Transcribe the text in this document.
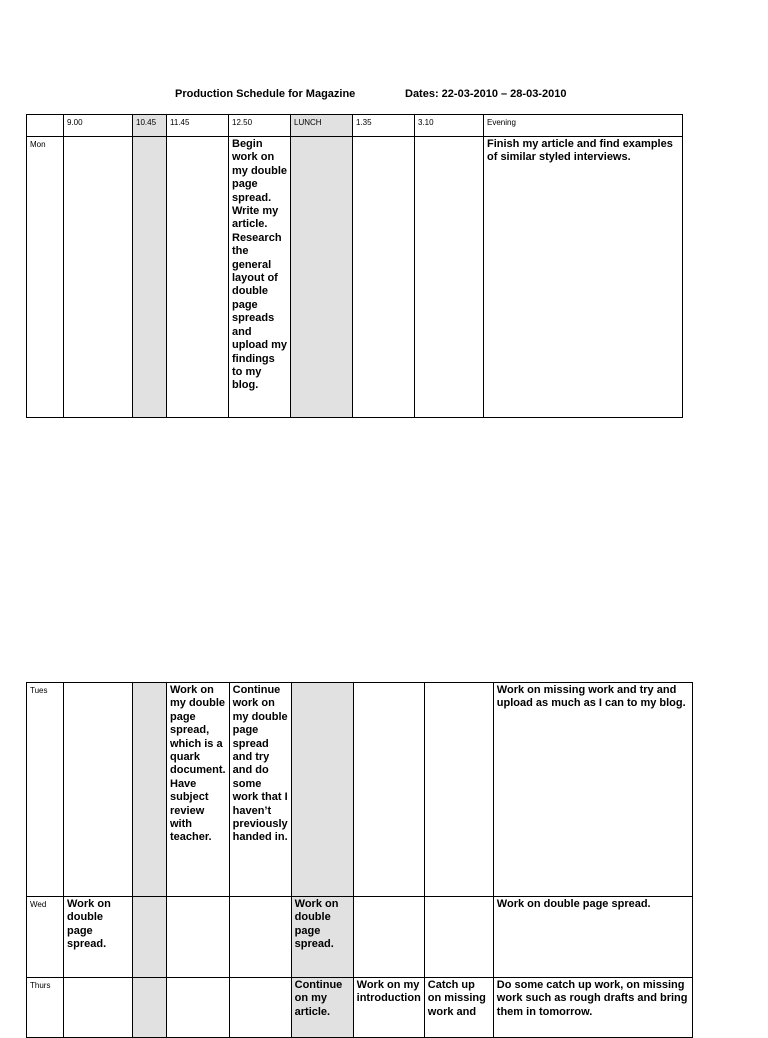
Production Schedule for Magazine	Dates: 22-03-2010 – 28-03-2010
	9.00	10.45	11.45	12.50	LUNCH	1.35	3.10	Evening
Mon				Begin work on my double page spread. Write my article. Research the general layout of double page spreads and upload my findings to my blog.				Finish my article and find examples of similar styled interviews.
Tues			Work on my double page spread, which is a quark document. Have subject review with teacher.	Continue work on my double page spread and try and do some work that I haven’t previously handed in.				Work on missing work and try and upload as much as I can to my blog.
Wed	Work on double page spread.				Work on double page spread.			Work on double page spread.
Thurs					Continue on my article.	Work on my introduction	Catch up on missing work and	Do some catch up work, on missing work such as rough drafts and bring them in tomorrow.
